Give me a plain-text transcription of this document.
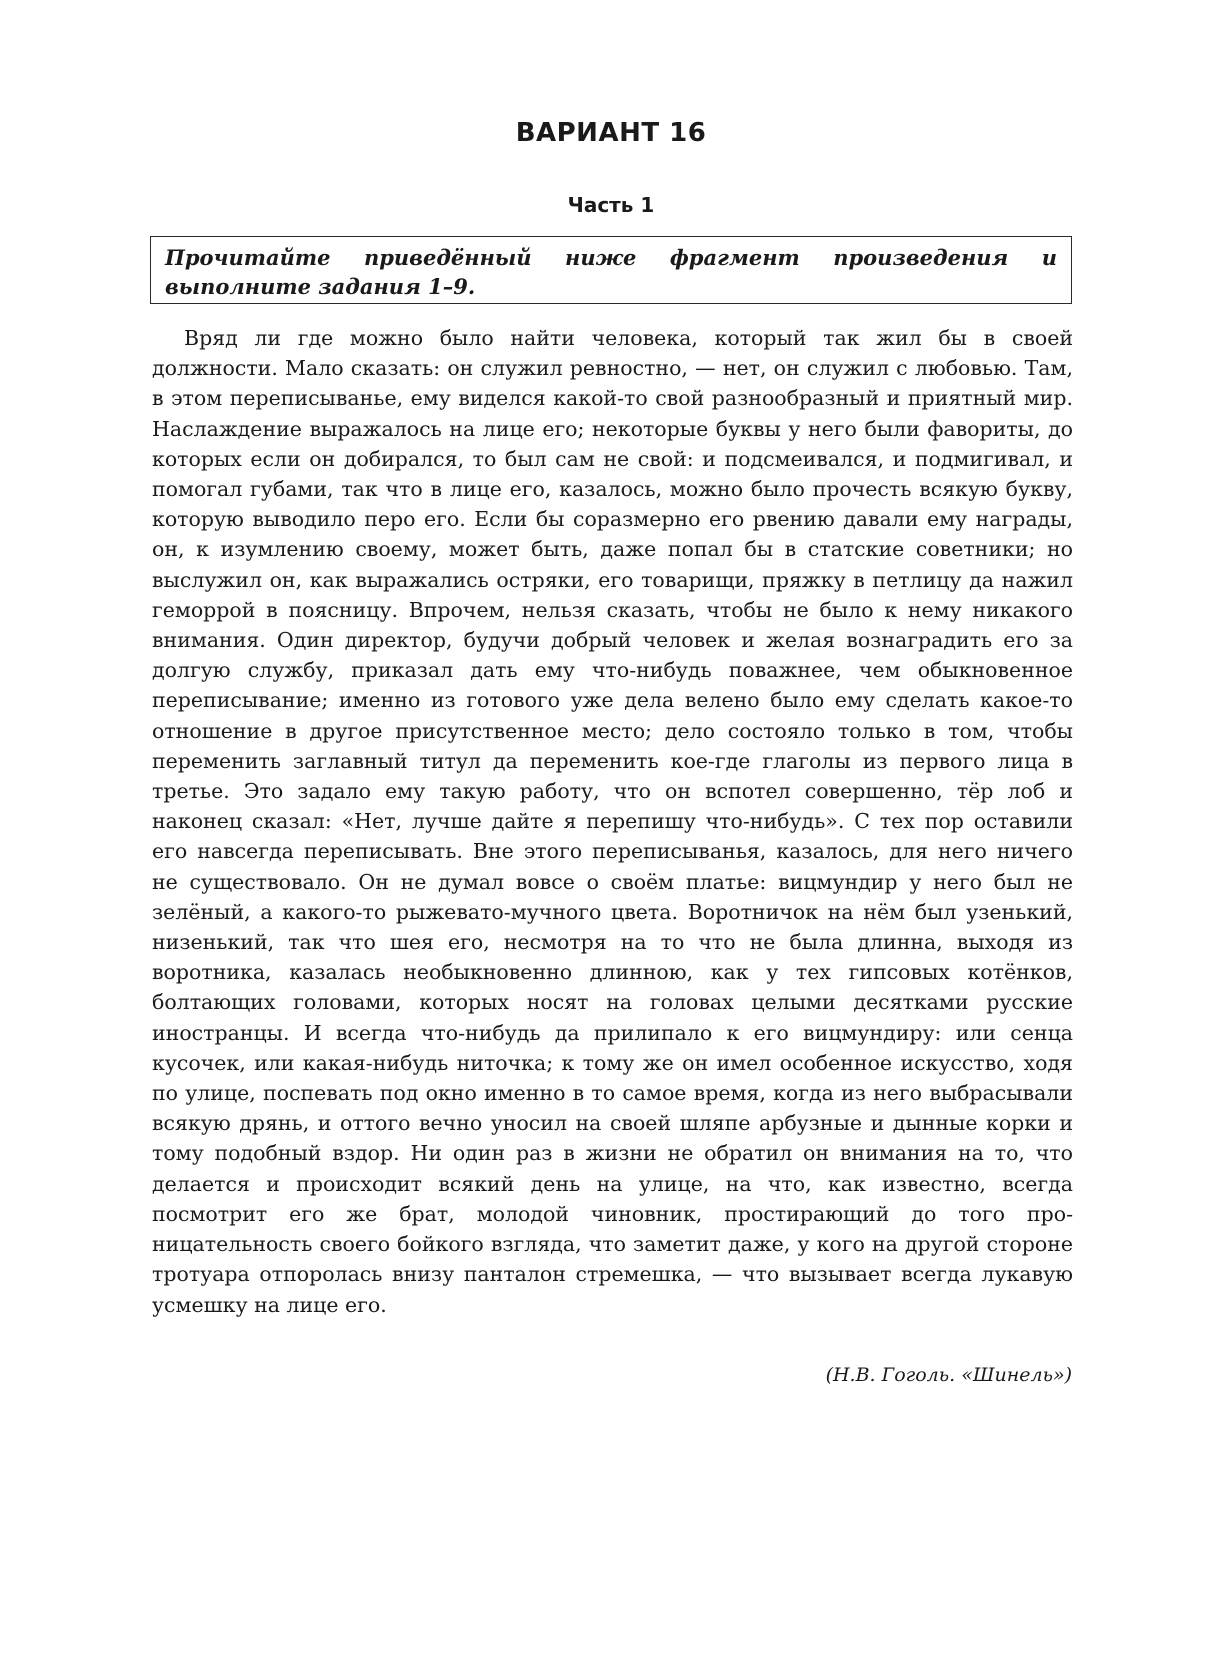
ВАРИАНТ 16
Часть 1
Прочитайте приведённый ниже фрагмент произведения и выполните задания 1–9.

Вряд ли где можно было найти человека, который так жил бы в своей должности. Мало сказать: он служил ревностно, — нет, он служил с любовью. Там, в этом переписыванье, ему виделся какой-то свой разнообразный и приятный мир. Наслаждение выражалось на лице его; некоторые буквы у него были фавориты, до которых если он добирался, то был сам не свой: и подсмеивался, и подмигивал, и помогал губами, так что в лице его, казалось, можно было прочесть всякую букву, которую выводило перо его. Если бы соразмерно его рвению давали ему награды, он, к изумлению своему, может быть, даже попал бы в статские советники; но выслужил он, как выражались остряки, его товарищи, пряжку в петлицу да нажил геморрой в поясницу. Впрочем, нельзя сказать, чтобы не было к нему никакого внимания. Один директор, будучи добрый человек и желая вознаградить его за долгую службу, приказал дать ему что-нибудь поважнее, чем обыкновенное переписывание; именно из готового уже дела велено было ему сделать какое-то отношение в другое присутственное место; дело состояло только в том, чтобы переменить заглавный титул да переменить кое-где глаголы из первого лица в третье. Это задало ему такую работу, что он вспотел совершенно, тёр лоб и наконец сказал: «Нет, лучше дайте я перепишу что-нибудь». С тех пор оставили его навсегда переписывать. Вне этого переписыванья, казалось, для него ничего не существовало. Он не думал вовсе о своём платье: вицмундир у него был не зелёный, а какого-то рыжевато-мучного цвета. Воротничок на нём был узенький, низенький, так что шея его, несмотря на то что не была длинна, выходя из воротника, казалась необыкновенно длинною, как у тех гипсовых котёнков, болтающих головами, которых носят на головах целыми десятками русские иностранцы. И всегда что-нибудь да прилипало к его вицмундиру: или сенца кусочек, или какая-нибудь ниточка; к тому же он имел особенное искусство, ходя по улице, поспевать под окно именно в то самое время, когда из него выбрасывали всякую дрянь, и оттого вечно уносил на своей шляпе арбузные и дынные корки и тому подобный вздор. Ни один раз в жизни не обратил он внимания на то, что делается и происходит всякий день на улице, на что, как известно, всегда посмотрит его же брат, молодой чиновник, простирающий до того проницательность своего бойкого взгляда, что заметит даже, у кого на другой стороне тротуара отпоролась внизу панталон стремешка, — что вызывает всегда лукавую усмешку на лице его.

(Н.В. Гоголь. «Шинель»)
